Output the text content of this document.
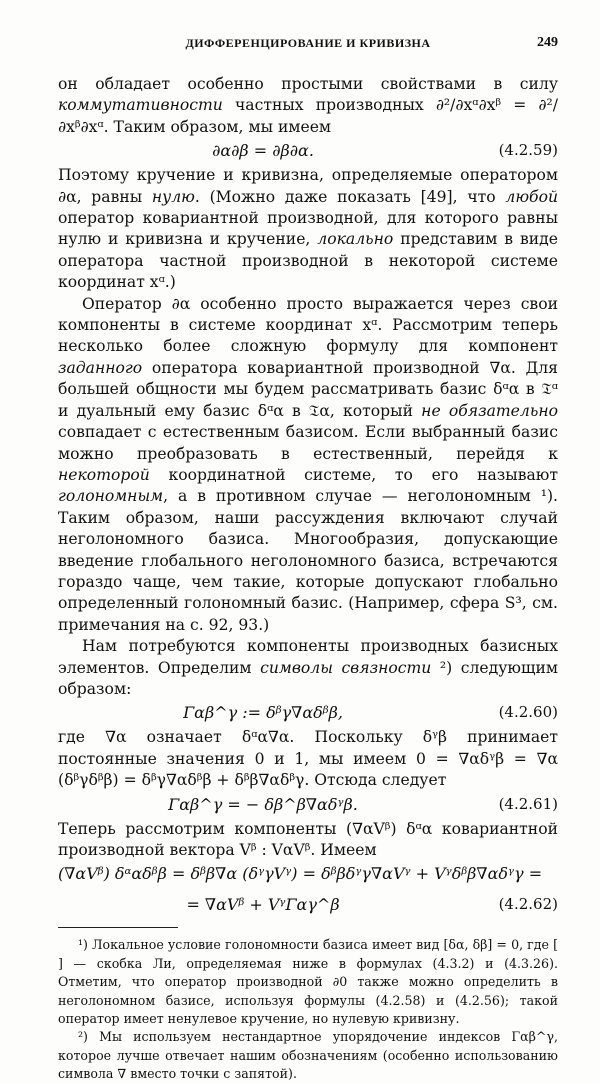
ДИФФЕРЕНЦИРОВАНИЕ И КРИВИЗНА	249

он обладает особенно простыми свойствами в силу коммутативности частных производных ∂²/∂xᵅ∂xᵝ = ∂²/∂xᵝ∂xᵅ. Таким образом, мы имеем

∂α∂β = ∂β∂α.	(4.2.59)

Поэтому кручение и кривизна, определяемые оператором ∂α, равны нулю. (Можно даже показать [49], что любой оператор ковариантной производной, для которого равны нулю и кривизна и кручение, локально представим в виде оператора частной производной в некоторой системе координат xᵅ.)

Оператор ∂α особенно просто выражается через свои компоненты в системе координат xᵅ. Рассмотрим теперь несколько более сложную формулу для компонент заданного оператора ковариантной производной ∇α. Для большей общности мы будем рассматривать базис δᵅα в 𝔗ᵅ и дуальный ему базис δᵅα в 𝔗α, который не обязательно совпадает с естественным базисом. Если выбранный базис можно преобразовать в естественный, перейдя к некоторой координатной системе, то его называют голономным, а в противном случае — неголономным ¹). Таким образом, наши рассуждения включают случай неголономного базиса. Многообразия, допускающие введение глобального неголономного базиса, встречаются гораздо чаще, чем такие, которые допускают глобально определенный голономный базис. (Например, сфера S³, см. примечания на с. 92, 93.)

Нам потребуются компоненты производных базисных элементов. Определим символы связности ²) следующим образом:

Γαβ^γ := δᵝγ∇αδᵝβ,	(4.2.60)

где ∇α означает δᵅα∇α. Поскольку δᵞβ принимает постоянные значения 0 и 1, мы имеем 0 = ∇αδᵞβ = ∇α (δᵝγδᵝβ) = δᵝγ∇αδᵝβ + δᵝβ∇αδᵝγ. Отсюда следует

Γαβ^γ = − δβ^β∇αδᵞβ.	(4.2.61)

Теперь рассмотрим компоненты (∇αVᵝ) δᵅα ковариантной производной вектора Vᵝ : VαVᵝ. Имеем

(∇αVᵝ) δᵅαδᵝβ = δᵝβ∇α (δᵞγVᵞ) = δᵝβδᵞγ∇αVᵞ + Vᵞδᵝβ∇αδᵞγ =
= ∇αVᵝ + VᵞΓαγ^β	(4.2.62)

¹) Локальное условие голономности базиса имеет вид [δα, δβ] = 0, где [ ] — скобка Ли, определяемая ниже в формулах (4.3.2) и (4.3.26). Отметим, что оператор производной ∂0 также можно определить в неголономном базисе, используя формулы (4.2.58) и (4.2.56); такой оператор имеет ненулевое кручение, но нулевую кривизну.

²) Мы используем нестандартное упорядочение индексов Γαβ^γ, которое лучше отвечает нашим обозначениям (особенно использованию символа ∇ вместо точки с запятой).
